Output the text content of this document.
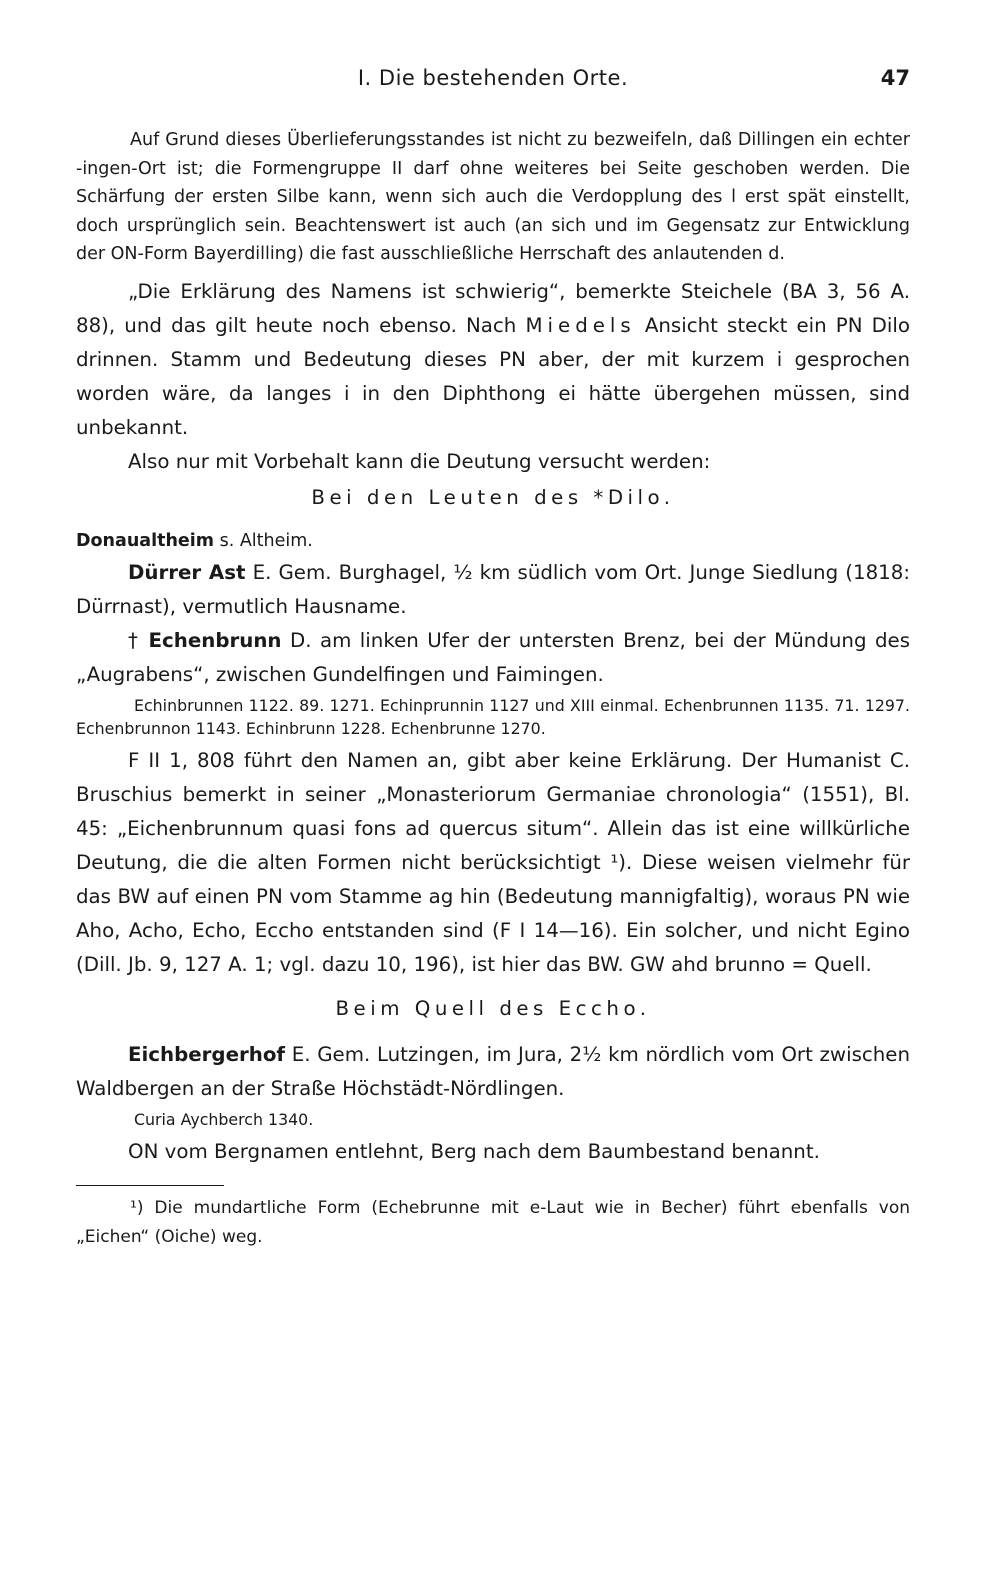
I. Die bestehenden Orte.	47

Auf Grund dieses Überlieferungsstandes ist nicht zu bezweifeln, daß Dillingen ein echter -ingen-Ort ist; die Formengruppe II darf ohne weiteres bei Seite geschoben werden. Die Schärfung der ersten Silbe kann, wenn sich auch die Verdopplung des l erst spät einstellt, doch ursprünglich sein. Beachtenswert ist auch (an sich und im Gegensatz zur Entwicklung der ON-Form Bayerdilling) die fast ausschließliche Herrschaft des anlautenden d.

„Die Erklärung des Namens ist schwierig“, bemerkte Steichele (BA 3, 56 A. 88), und das gilt heute noch ebenso. Nach Miedels Ansicht steckt ein PN Dilo drinnen. Stamm und Bedeutung dieses PN aber, der mit kurzem i gesprochen worden wäre, da langes i in den Diphthong ei hätte übergehen müssen, sind unbekannt.

Also nur mit Vorbehalt kann die Deutung versucht werden:

Bei den Leuten des *Dilo.

Donaualtheim s. Altheim.

Dürrer Ast E. Gem. Burghagel, ½ km südlich vom Ort. Junge Siedlung (1818: Dürrnast), vermutlich Hausname.

† Echenbrunn D. am linken Ufer der untersten Brenz, bei der Mündung des „Augrabens“, zwischen Gundelfingen und Faimingen.

Echinbrunnen 1122. 89. 1271. Echinprunnin 1127 und XIII einmal. Echenbrunnen 1135. 71. 1297. Echenbrunnon 1143. Echinbrunn 1228. Echenbrunne 1270.

F II 1, 808 führt den Namen an, gibt aber keine Erklärung. Der Humanist C. Bruschius bemerkt in seiner „Monasteriorum Germaniae chronologia“ (1551), Bl. 45: „Eichenbrunnum quasi fons ad quercus situm“. Allein das ist eine willkürliche Deutung, die die alten Formen nicht berücksichtigt ¹). Diese weisen vielmehr für das BW auf einen PN vom Stamme ag hin (Bedeutung mannigfaltig), woraus PN wie Aho, Acho, Echo, Eccho entstanden sind (F I 14—16). Ein solcher, und nicht Egino (Dill. Jb. 9, 127 A. 1; vgl. dazu 10, 196), ist hier das BW. GW ahd brunno = Quell.

Beim Quell des Eccho.

Eichbergerhof E. Gem. Lutzingen, im Jura, 2½ km nördlich vom Ort zwischen Waldbergen an der Straße Höchstädt-Nördlingen.

Curia Aychberch 1340.

ON vom Bergnamen entlehnt, Berg nach dem Baumbestand benannt.

¹) Die mundartliche Form (Echebrunne mit e-Laut wie in Becher) führt ebenfalls von „Eichen“ (Oiche) weg.
